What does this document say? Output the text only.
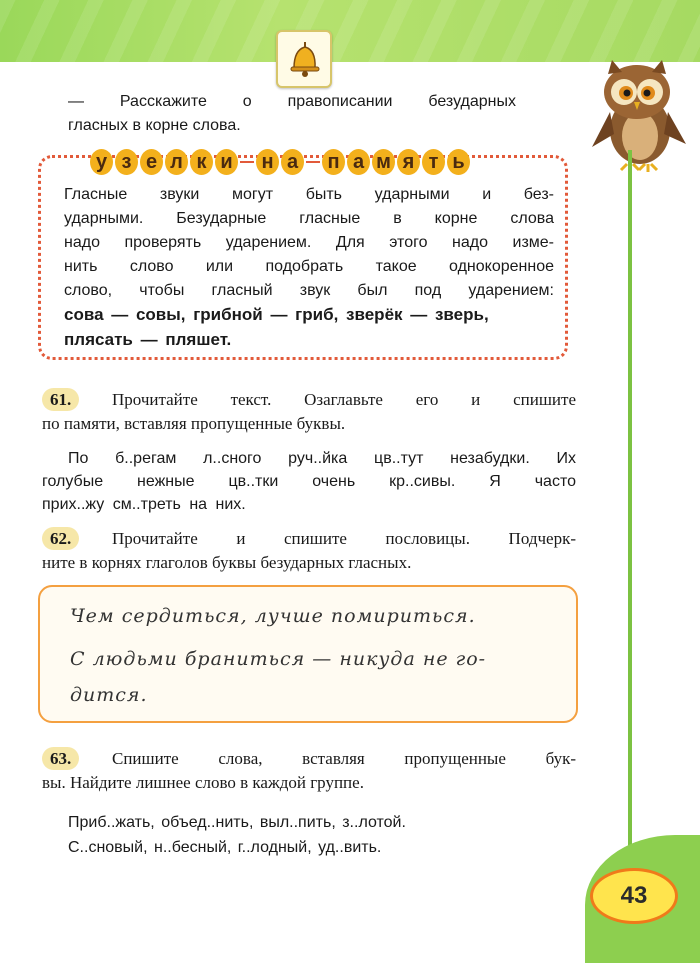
— Расскажите о правописании безударных
гласных в корне слова.
у з е л к и н а п а м я т ь
Гласные звуки могут быть ударными и без-
ударными. Безударные гласные в корне слова
надо проверять ударением. Для этого надо изме-
нить слово или подобрать такое однокоренное
слово, чтобы гласный звук был под ударением:
сова — совы, грибной — гриб, зверёк — зверь,
плясать — пляшет.
61.	Прочитайте текст. Озаглавьте его и спишите
по памяти, вставляя пропущенные буквы.
По б..регам л..сного руч..йка цв..тут незабудки. Их
голубые нежные цв..тки очень кр..сивы. Я часто
прих..жу см..треть на них.
62.	Прочитайте и спишите пословицы. Подчерк-
ните в корнях глаголов буквы безударных гласных.
Чем сердиться, лучше помириться.
С людьми браниться — никуда не го-
дится.
63.	Спишите слова, вставляя пропущенные бук-
вы. Найдите лишнее слово в каждой группе.
Приб..жать, объед..нить, выл..пить, з..лотой.
С..сновый, н..бесный, г..лодный, уд..вить.
43
